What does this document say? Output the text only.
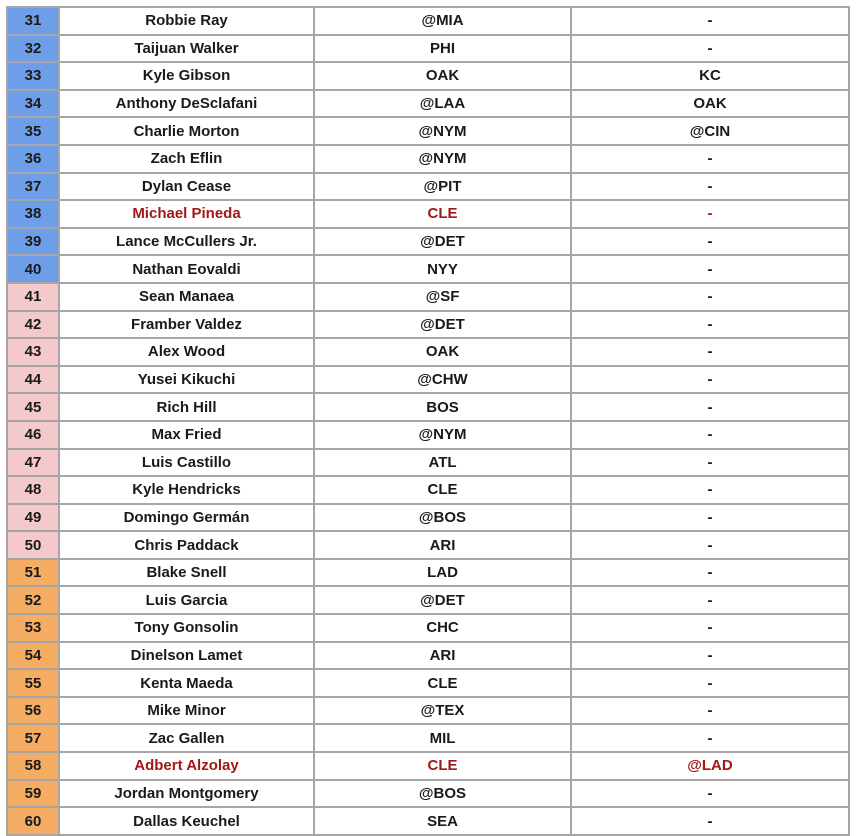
31	Robbie Ray	@MIA	-
32	Taijuan Walker	PHI	-
33	Kyle Gibson	OAK	KC
34	Anthony DeSclafani	@LAA	OAK
35	Charlie Morton	@NYM	@CIN
36	Zach Eflin	@NYM	-
37	Dylan Cease	@PIT	-
38	Michael Pineda	CLE	-
39	Lance McCullers Jr.	@DET	-
40	Nathan Eovaldi	NYY	-
41	Sean Manaea	@SF	-
42	Framber Valdez	@DET	-
43	Alex Wood	OAK	-
44	Yusei Kikuchi	@CHW	-
45	Rich Hill	BOS	-
46	Max Fried	@NYM	-
47	Luis Castillo	ATL	-
48	Kyle Hendricks	CLE	-
49	Domingo Germán	@BOS	-
50	Chris Paddack	ARI	-
51	Blake Snell	LAD	-
52	Luis Garcia	@DET	-
53	Tony Gonsolin	CHC	-
54	Dinelson Lamet	ARI	-
55	Kenta Maeda	CLE	-
56	Mike Minor	@TEX	-
57	Zac Gallen	MIL	-
58	Adbert Alzolay	CLE	@LAD
59	Jordan Montgomery	@BOS	-
60	Dallas Keuchel	SEA	-
